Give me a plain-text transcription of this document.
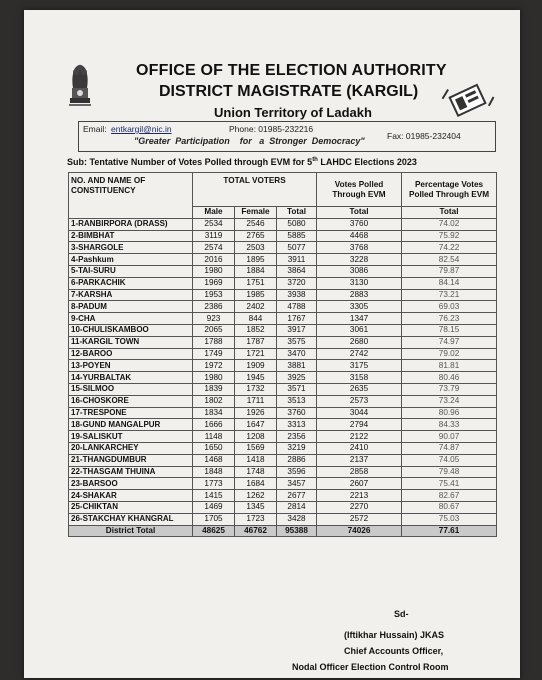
OFFICE OF THE ELECTION AUTHORITY
DISTRICT MAGISTRATE (KARGIL)
Union Territory of Ladakh
Email: entkargil@nic.in	Phone: 01985-232216
Fax: 01985-232404
"Greater  Participation    for   a  Stronger  Democracy"
Sub: Tentative Number of Votes Polled through EVM for 5th LAHDC Elections 2023
NO. AND NAME OF CONSTITUENCY	TOTAL VOTERS			Votes Polled Through EVM	Percentage Votes Polled Through EVM
	Male	Female	Total	Total	Total
1-RANBIRPORA (DRASS)	2534	2546	5080	3760	74.02
2-BIMBHAT	3119	2765	5885	4468	75.92
3-SHARGOLE	2574	2503	5077	3768	74.22
4-Pashkum	2016	1895	3911	3228	82.54
5-TAI-SURU	1980	1884	3864	3086	79.87
6-PARKACHIK	1969	1751	3720	3130	84.14
7-KARSHA	1953	1985	3938	2883	73.21
8-PADUM	2386	2402	4788	3305	69.03
9-CHA	923	844	1767	1347	76.23
10-CHULISKAMBOO	2065	1852	3917	3061	78.15
11-KARGIL TOWN	1788	1787	3575	2680	74.97
12-BAROO	1749	1721	3470	2742	79.02
13-POYEN	1972	1909	3881	3175	81.81
14-YURBALTAK	1980	1945	3925	3158	80.46
15-SILMOO	1839	1732	3571	2635	73.79
16-CHOSKORE	1802	1711	3513	2573	73.24
17-TRESPONE	1834	1926	3760	3044	80.96
18-GUND MANGALPUR	1666	1647	3313	2794	84.33
19-SALISKUT	1148	1208	2356	2122	90.07
20-LANKARCHEY	1650	1569	3219	2410	74.87
21-THANGDUMBUR	1468	1418	2886	2137	74.05
22-THASGAM THUINA	1848	1748	3596	2858	79.48
23-BARSOO	1773	1684	3457	2607	75.41
24-SHAKAR	1415	1262	2677	2213	82.67
25-CHIKTAN	1469	1345	2814	2270	80.67
26-STAKCHAY KHANGRAL	1705	1723	3428	2572	75.03
District Total	48625	46762	95388	74026	77.61
Sd-
(Iftikhar Hussain) JKAS
Chief Accounts Officer,
Nodal Officer Election Control Room
